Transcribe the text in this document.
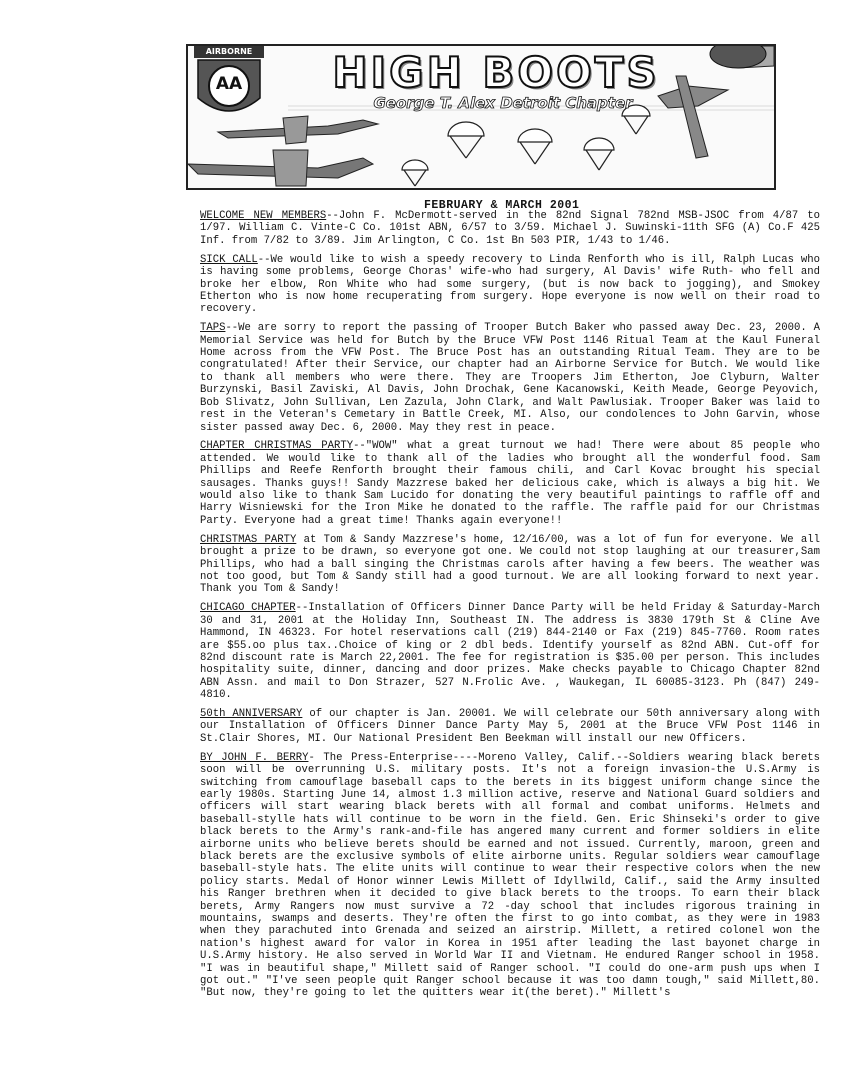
AIRBORNE
AA	HIGH BOOTS
George T. Alex Detroit Chapter
FEBRUARY & MARCH 2001

WELCOME NEW MEMBERS--John F. McDermott-served in the 82nd Signal 782nd MSB-JSOC from 4/87 to 1/97. William C. Vinte-C Co. 101st ABN, 6/57 to 3/59. Michael J. Suwinski-11th SFG (A) Co.F 425 Inf. from 7/82 to 3/89. Jim Arlington, C Co. 1st Bn 503 PIR, 1/43 to 1/46.

SICK CALL--We would like to wish a speedy recovery to Linda Renforth who is ill, Ralph Lucas who is having some problems, George Choras' wife-who had surgery, Al Davis' wife Ruth- who fell and broke her elbow, Ron White who had some surgery, (but is now back to jogging), and Smokey Etherton who is now home recuperating from surgery. Hope everyone is now well on their road to recovery.

TAPS--We are sorry to report the passing of Trooper Butch Baker who passed away Dec. 23, 2000. A Memorial Service was held for Butch by the Bruce VFW Post 1146 Ritual Team at the Kaul Funeral Home across from the VFW Post. The Bruce Post has an outstanding Ritual Team. They are to be congratulated! After their Service, our chapter had an Airborne Service for Butch. We would like to thank all members who were there. They are Troopers Jim Etherton, Joe Clyburn, Walter Burzynski, Basil Zaviski, Al Davis, John Drochak, Gene Kacanowski, Keith Meade, George Peyovich, Bob Slivatz, John Sullivan, Len Zazula, John Clark, and Walt Pawlusiak. Trooper Baker was laid to rest in the Veteran's Cemetary in Battle Creek, MI. Also, our condolences to John Garvin, whose sister passed away Dec. 6, 2000. May they rest in peace.

CHAPTER CHRISTMAS PARTY--"WOW" what a great turnout we had! There were about 85 people who attended. We would like to thank all of the ladies who brought all the wonderful food. Sam Phillips and Reefe Renforth brought their famous chili, and Carl Kovac brought his special sausages. Thanks guys!! Sandy Mazzrese baked her delicious cake, which is always a big hit. We would also like to thank Sam Lucido for donating the very beautiful paintings to raffle off and Harry Wisniewski for the Iron Mike he donated to the raffle. The raffle paid for our Christmas Party. Everyone had a great time! Thanks again everyone!!

CHRISTMAS PARTY at Tom & Sandy Mazzrese's home, 12/16/00, was a lot of fun for everyone. We all brought a prize to be drawn, so everyone got one. We could not stop laughing at our treasurer,Sam Phillips, who had a ball singing the Christmas carols after having a few beers. The weather was not too good, but Tom & Sandy still had a good turnout. We are all looking forward to next year. Thank you Tom & Sandy!

CHICAGO CHAPTER--Installation of Officers Dinner Dance Party will be held Friday & Saturday-March 30 and 31, 2001 at the Holiday Inn, Southeast IN. The address is 3830 179th St & Cline Ave Hammond, IN 46323. For hotel reservations call (219) 844-2140 or Fax (219) 845-7760. Room rates are $55.oo plus tax..Choice of king or 2 dbl beds. Identify yourself as 82nd ABN. Cut-off for 82nd discount rate is March 22,2001. The fee for registration is $35.00 per person. This includes hospitality suite, dinner, dancing and door prizes. Make checks payable to Chicago Chapter 82nd ABN Assn. and mail to Don Strazer, 527 N.Frolic Ave. , Waukegan, IL 60085-3123. Ph (847) 249-4810.

50th ANNIVERSARY of our chapter is Jan. 20001. We will celebrate our 50th anniversary along with our Installation of Officers Dinner Dance Party May 5, 2001 at the Bruce VFW Post 1146 in St.Clair Shores, MI. Our National President Ben Beekman will install our new Officers.

BY JOHN F. BERRY- The Press-Enterprise----Moreno Valley, Calif.--Soldiers wearing black berets soon will be overrunning U.S. military posts. It's not a foreign invasion-the U.S.Army is switching from camouflage baseball caps to the berets in its biggest uniform change since the early 1980s. Starting June 14, almost 1.3 million active, reserve and National Guard soldiers and officers will start wearing black berets with all formal and combat uniforms. Helmets and baseball-stylle hats will continue to be worn in the field. Gen. Eric Shinseki's order to give black berets to the Army's rank-and-file has angered many current and former soldiers in elite airborne units who believe berets should be earned and not issued. Currently, maroon, green and black berets are the exclusive symbols of elite airborne units. Regular soldiers wear camouflage baseball-style hats. The elite units will continue to wear their respective colors when the new policy starts. Medal of Honor winner Lewis Millett of Idyllwild, Calif., said the Army insulted his Ranger brethren when it decided to give black berets to the troops. To earn their black berets, Army Rangers now must survive a 72 -day school that includes rigorous training in mountains, swamps and deserts. They're often the first to go into combat, as they were in 1983 when they parachuted into Grenada and seized an airstrip. Millett, a retired colonel won the nation's highest award for valor in Korea in 1951 after leading the last bayonet charge in U.S.Army history. He also served in World War II and Vietnam. He endured Ranger school in 1958. "I was in beautiful shape," Millett said of Ranger school. "I could do one-arm push ups when I got out." "I've seen people quit Ranger school because it was too damn tough," said Millett,80. "But now, they're going to let the quitters wear it(the beret)." Millett's
